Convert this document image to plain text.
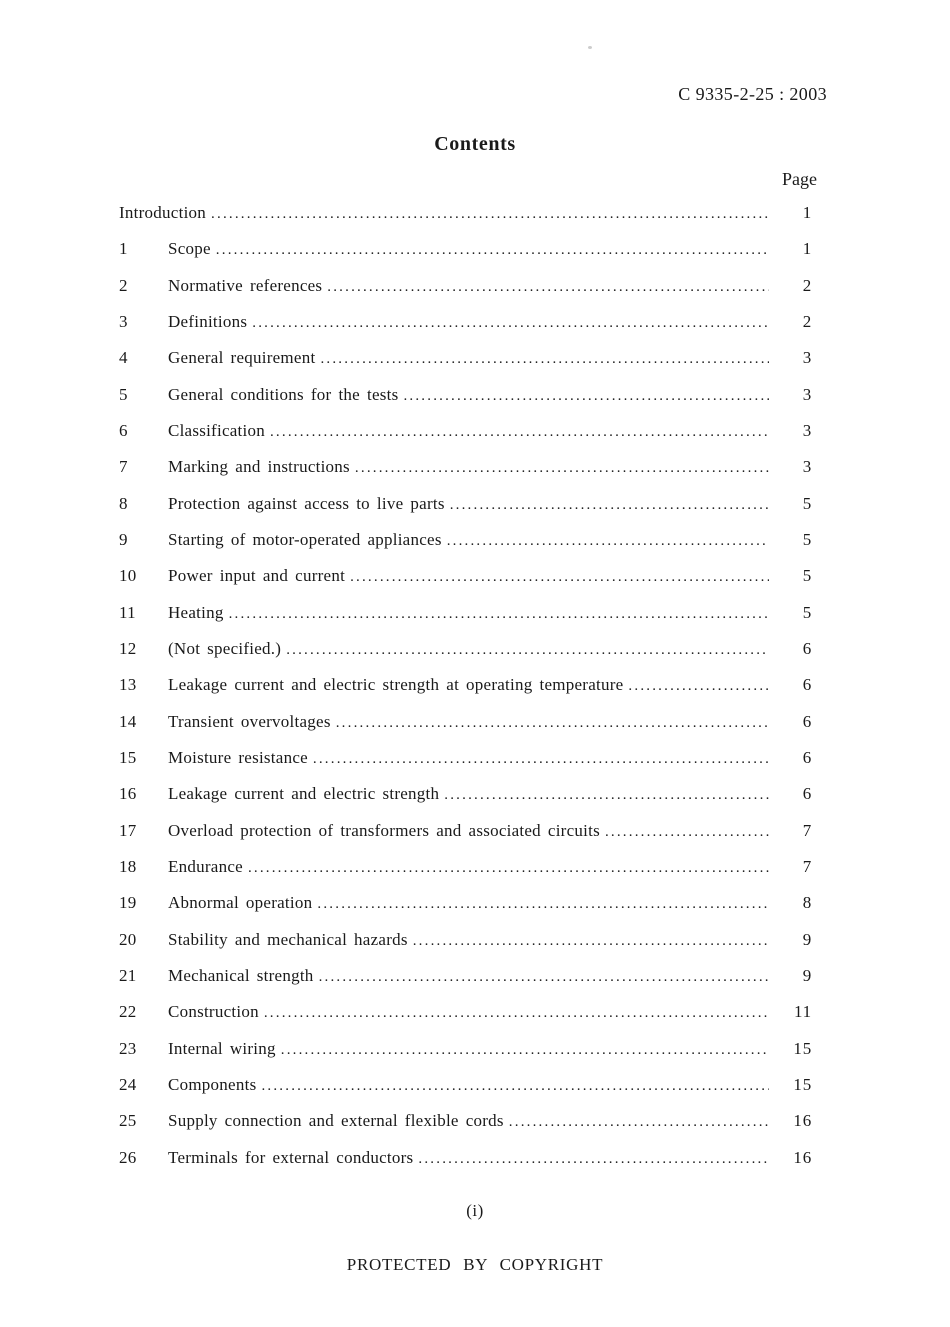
C 9335-2-25 : 2003
Contents
Page
Introduction .....	1
1	Scope .....	1
2	Normative references .....	2
3	Definitions .....	2
4	General requirement .....	3
5	General conditions for the tests .....	3
6	Classification .....	3
7	Marking and instructions .....	3
8	Protection against access to live parts .....	5
9	Starting of motor-operated appliances .....	5
10	Power input and current .....	5
11	Heating .....	5
12	(Not specified.) .....	6
13	Leakage current and electric strength at operating temperature .....	6
14	Transient overvoltages .....	6
15	Moisture resistance .....	6
16	Leakage current and electric strength .....	6
17	Overload protection of transformers and associated circuits .....	7
18	Endurance .....	7
19	Abnormal operation .....	8
20	Stability and mechanical hazards .....	9
21	Mechanical strength .....	9
22	Construction .....	11
23	Internal wiring .....	15
24	Components .....	15
25	Supply connection and external flexible cords .....	16
26	Terminals for external conductors .....	16
(i)
PROTECTED BY COPYRIGHT
